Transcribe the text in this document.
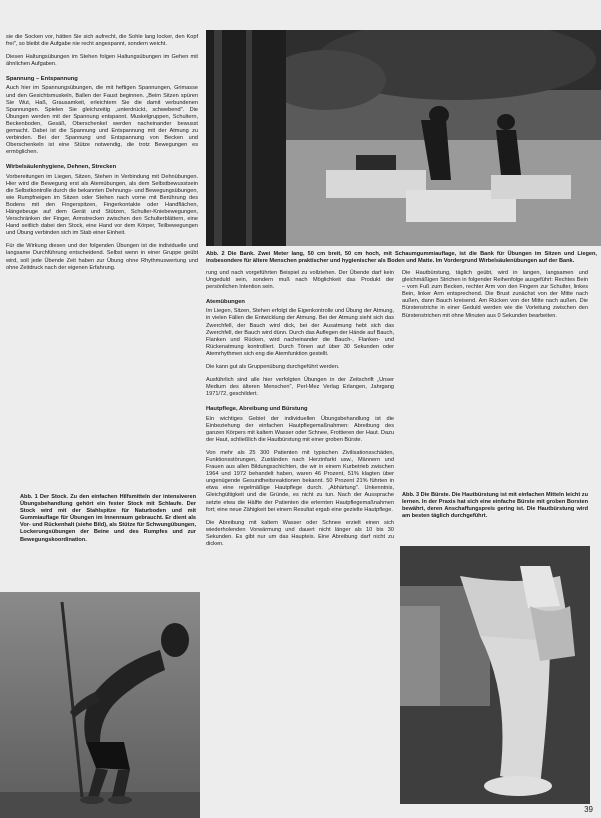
sie die Socken vor, hätten Sie sich aufrecht, die Sohle lang locker, den Kopf frei", so bleibt die Aufgabe nie recht angespannt, sondern weicht.

Diesen Haltungsübungen im Stehen folgen Haltungsübungen im Gehen mit ähnlichen Aufgaben.

Spannung – Entspannung

Auch hier im Spannungsübungen, die mit heftigen Spannungen, Grimasse und den Gesichtsmuskeln, Ballen der Faust beginnen. „Beim Sitzen spüren Sie Wut, Haß, Grausamkeit, erleichtern Sie die damit verbundenen Spannungen. Spielen Sie gleichzeitig „unterdrückt, schwebend". Die Übungen werden mit der Spannung entspannt. Muskelgruppen, Schultern, Beckenboden, Gesäß, Oberschenkel werden nacheinander bewusst gemacht. Dabei ist die Spannung und Entspannung mit der Atmung zu verbinden. Bei der Spannung und Entspannung von Becken und Oberschenkeln ist eine Stütze notwendig, die trotz Bewegungen es ermöglichen.

Wirbelsäulenhygiene, Dehnen, Strecken

Vorbereitungen im Liegen, Sitzen, Stehen in Verbindung mit Dehnübungen. Hier wird die Bewegung erst als Atemübungen, als dem Selbstbewusstsein die Selbstkontrolle durch die bekannten Dehnungs- und Bewegungsübungen, wie Rumpfneigen im Sitzen oder Stehen nach vorne mit Berührung des Bodens mit den Fingerspitzen, Fingerkontakte oder Handflächen, Hängebeuge auf dem Gerät und Stützen, Schulter-Kniebewegungen, Verschränken der Finger, Armstrecken zwischen den Schulterblättern, eine Hand seitlich dabei den Stock, eine Hand vor dem Körper, Teilbewegungen und Übung verbinden sich im Stab einer Einheit.

Für die Wirkung diesen und der folgenden Übungen ist die individuelle und langsame Durchführung entscheidend. Selbst wenn in einer Gruppe geübt wird, soll jede Übende Zeit haben zur Übung ohne Rhythmuswertung und ohne Zeitdruck nach der eigenen Erfahrung.

Abb. 1 Der Stock. Zu den einfachen Hilfsmitteln der intensiveren Übungsbehandlung gehört ein fester Stock mit Schlaufe. Der Stock wird mit der Stahlspitze für Naturboden und mit Gummiauflage für Übungen im Innenraum gebraucht. Er dient als Vor- und Rückenhalt (siehe Bild), als Stütze für Schwungübungen, Lockerungsübungen der Beine und des Rumpfes und zur Bewegungskoordination.
Abb. 2 Die Bank. Zwei Meter lang, 50 cm breit, 50 cm hoch, mit Schaumgummiauflage, ist die Bank für Übungen im Sitzen und Liegen, insbesondere für ältere Menschen praktischer und hygienischer als Boden und Matte. Im Vordergrund Wirbelsäulenübungen auf der Bank.

rung und nach vorgeführten Beispiel zu vollziehen. Der Übende darf kein Ungeduld sein, sondern muß nach Möglichkeit das Produkt der persönlichen Intention sein.

Atemübungen

Im Liegen, Sitzen, Stehen erfolgt die Eigenkontrolle und Übung der Atmung, in vielen Fällen die Entwicklung der Atmung. Bei der Atmung sieht sich das Zwerchfell, der Bauch wird dick, bei der Ausatmung hebt sich das Zwerchfell, der Bauch wird dünn. Durch das Auflegen der Hände auf Bauch, Flanken und Rücken, wird nacheinander die Bauch-, Flanken- und Rückenatmung kontrolliert. Durch Tönen auf über 30 Sekunden oder Atemrhythmen sich eng die Atemfunktion gestellt.

Die kann gut als Gruppenübung durchgeführt werden.

Ausführlich sind alle hier verfolgten Übungen in der Zeitschrift „Unser Medium des älteren Menschen", Perl-Mez Verlag Erlangen, Jahrgang 1971/72, geschildert.

Hautpflege, Abreibung und Bürstung

Ein wichtiges Gebiet der individuellen Übungsbehandlung ist die Einbeziehung der einfachen Hautpflegemaßnahmen: Abreibung des ganzen Körpers mit kaltem Wasser oder Schnee, Frottieren der Haut. Dazu der Haut, schließlich die Hautbürstung mit einer groben Bürste.

Von mehr als 25 300 Patienten mit typischen Zivilisationsschäden, Funktionsstörungen, Zuständen nach Herzinfarkt usw., Männern und Frauen aus allen Bildungsschichten, die wir in einem Kurbetrieb zwischen 1964 und 1972 behandelt haben, waren 46 Prozent, 51% klagten über ungenügende Gesundheitsreaktionen bekannt. 50 Prozent 21% führten in etwa eine regelmäßige Hautpflege durch. „Abhärtung". Unkenntnis, Gleichgültigkeit und die Gründe, es nicht zu tun. Nach der Aussprache setzte etwa die Hälfte der Patienten die erlernten Hautpflegemaßnahmen fort; eine neue Zähigkeit bei einem Resultat ergab eine gezielte Hautpflege.

Die Abreibung mit kaltem Wasser oder Schnee erzielt einen sich wiederholenden Vorwärmung und dauert nicht länger als 10 bis 30 Sekunden. Es gibt nur um das Haupteis. Eine Abreibung darf nicht zu dicken.

Die Hautbürstung, täglich geübt, wird in langen, langsamen und gleichmäßigen Strichen in folgender Reihenfolge ausgeführt: Rechtes Bein – vom Fuß zum Becken, rechter Arm von den Fingern zur Schulter, linkes Bein, linker Arm entsprechend. Die Brust zunächst von der Mitte nach außen, dann Bauch kreisend. Am Rücken von der Mitte nach außen. Die Bürstenstriche in einer Geduld werden wie die Vorleitung zwischen den Bürstenstrichen mit ohne Minuten aus 0 Sekunden bearbeiten.

Abb. 3 Die Bürste. Die Hautbürstung ist mit einfachen Mitteln leicht zu lernen. In der Praxis hat sich eine einfache Bürste mit groben Borsten bewährt, deren Anschaffungspreis gering ist. Die Hautbürstung wird am besten täglich durchgeführt.
39
